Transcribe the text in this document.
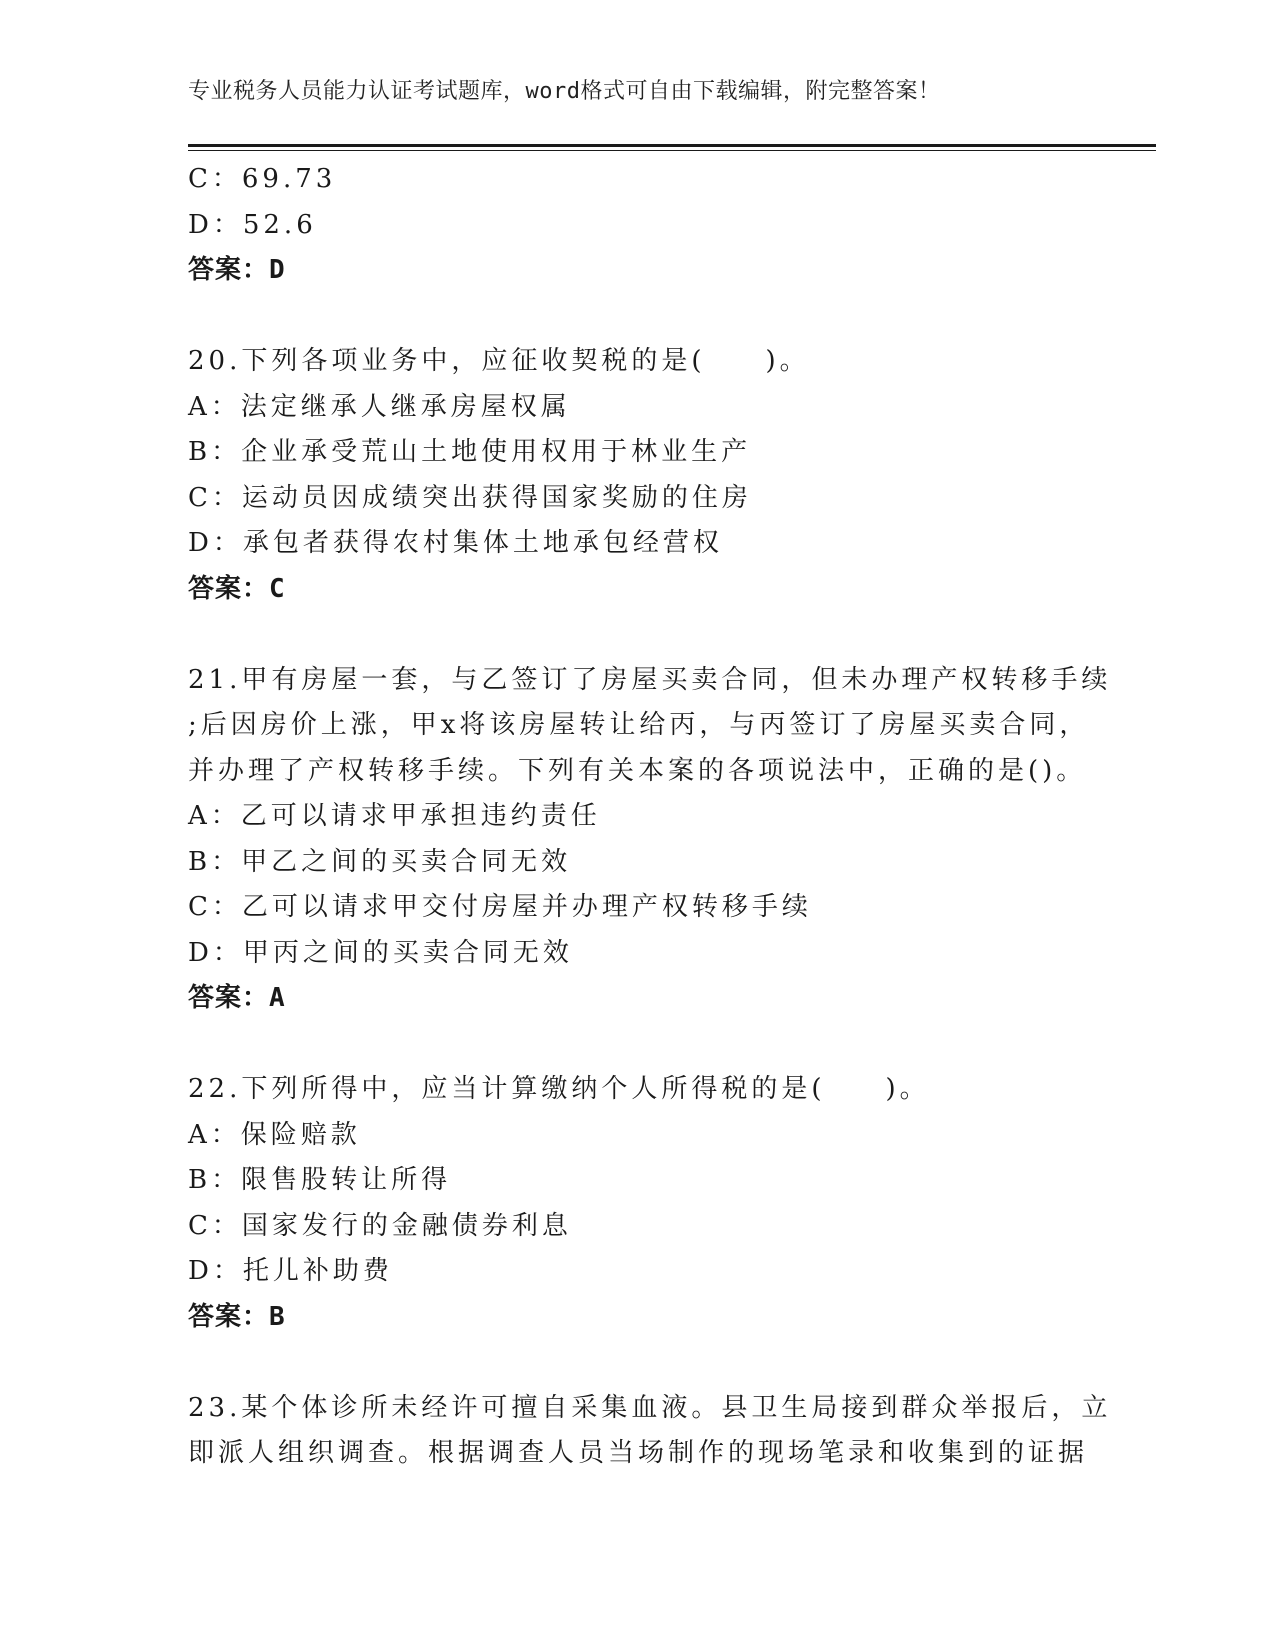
专业税务人员能力认证考试题库，word格式可自由下载编辑，附完整答案！
C：69.73
D：52.6
答案：D
20.下列各项业务中，应征收契税的是(　　)。
A：法定继承人继承房屋权属
B：企业承受荒山土地使用权用于林业生产
C：运动员因成绩突出获得国家奖励的住房
D：承包者获得农村集体土地承包经营权
答案：C
21.甲有房屋一套，与乙签订了房屋买卖合同，但未办理产权转移手续
;后因房价上涨，甲x将该房屋转让给丙，与丙签订了房屋买卖合同，
并办理了产权转移手续。下列有关本案的各项说法中，正确的是()。
A：乙可以请求甲承担违约责任
B：甲乙之间的买卖合同无效
C：乙可以请求甲交付房屋并办理产权转移手续
D：甲丙之间的买卖合同无效
答案：A
22.下列所得中，应当计算缴纳个人所得税的是(　　)。
A：保险赔款
B：限售股转让所得
C：国家发行的金融债券利息
D：托儿补助费
答案：B
23.某个体诊所未经许可擅自采集血液。县卫生局接到群众举报后，立
即派人组织调查。根据调查人员当场制作的现场笔录和收集到的证据
